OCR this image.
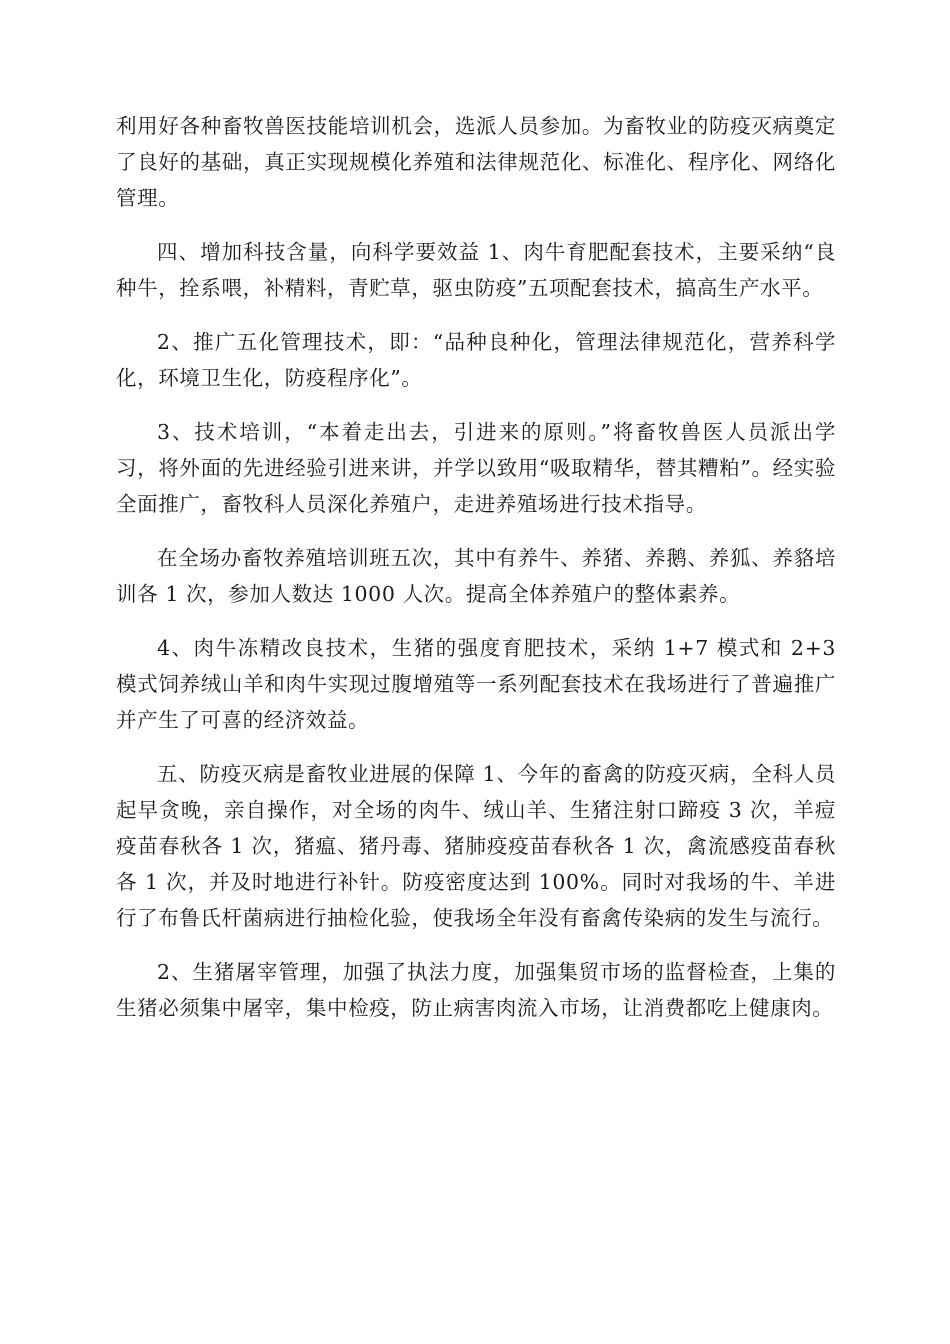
利用好各种畜牧兽医技能培训机会，选派人员参加。为畜牧业的防疫灭病奠定了良好的基础，真正实现规模化养殖和法律规范化、标准化、程序化、网络化管理。

四、增加科技含量，向科学要效益 1、肉牛育肥配套技术，主要采纳“良种牛，拴系喂，补精料，青贮草，驱虫防疫”五项配套技术，搞高生产水平。

2、推广五化管理技术，即：“品种良种化，管理法律规范化，营养科学化，环境卫生化，防疫程序化”。

3、技术培训，“本着走出去，引进来的原则。”将畜牧兽医人员派出学习，将外面的先进经验引进来讲，并学以致用“吸取精华，替其糟粕”。经实验全面推广，畜牧科人员深化养殖户，走进养殖场进行技术指导。

在全场办畜牧养殖培训班五次，其中有养牛、养猪、养鹅、养狐、养貉培训各 1 次，参加人数达 1000 人次。提高全体养殖户的整体素养。

4、肉牛冻精改良技术，生猪的强度育肥技术，采纳 1+7 模式和 2+3 模式饲养绒山羊和肉牛实现过腹增殖等一系列配套技术在我场进行了普遍推广并产生了可喜的经济效益。

五、防疫灭病是畜牧业进展的保障 1、今年的畜禽的防疫灭病，全科人员起早贪晚，亲自操作，对全场的肉牛、绒山羊、生猪注射口蹄疫 3 次，羊痘疫苗春秋各 1 次，猪瘟、猪丹毒、猪肺疫疫苗春秋各 1 次，禽流感疫苗春秋各 1 次，并及时地进行补针。防疫密度达到 100%。同时对我场的牛、羊进行了布鲁氏杆菌病进行抽检化验，使我场全年没有畜禽传染病的发生与流行。

2、生猪屠宰管理，加强了执法力度，加强集贸市场的监督检查，上集的生猪必须集中屠宰，集中检疫，防止病害肉流入市场，让消费都吃上健康肉。
